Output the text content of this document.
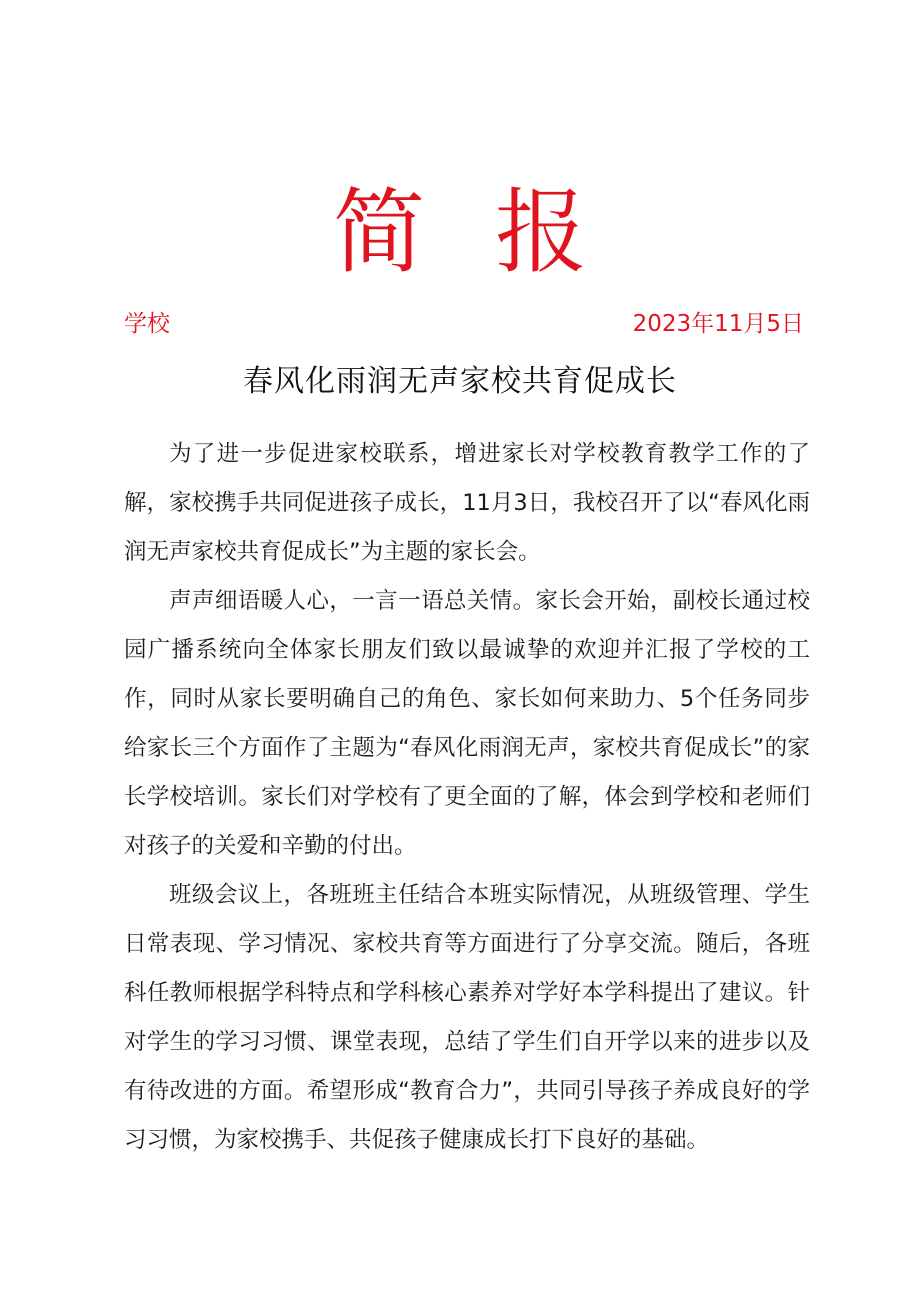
简报
学校	2023年11月5日
春风化雨润无声家校共育促成长

为了进一步促进家校联系，增进家长对学校教育教学工作的了解，家校携手共同促进孩子成长，11月3日，我校召开了以“春风化雨润无声家校共育促成长”为主题的家长会。

声声细语暖人心，一言一语总关情。家长会开始，副校长通过校园广播系统向全体家长朋友们致以最诚挚的欢迎并汇报了学校的工作，同时从家长要明确自己的角色、家长如何来助力、5个任务同步给家长三个方面作了主题为“春风化雨润无声，家校共育促成长”的家长学校培训。家长们对学校有了更全面的了解，体会到学校和老师们对孩子的关爱和辛勤的付出。

班级会议上，各班班主任结合本班实际情况，从班级管理、学生日常表现、学习情况、家校共育等方面进行了分享交流。随后，各班科任教师根据学科特点和学科核心素养对学好本学科提出了建议。针对学生的学习习惯、课堂表现，总结了学生们自开学以来的进步以及有待改进的方面。希望形成“教育合力”，共同引导孩子养成良好的学习习惯，为家校携手、共促孩子健康成长打下良好的基础。
